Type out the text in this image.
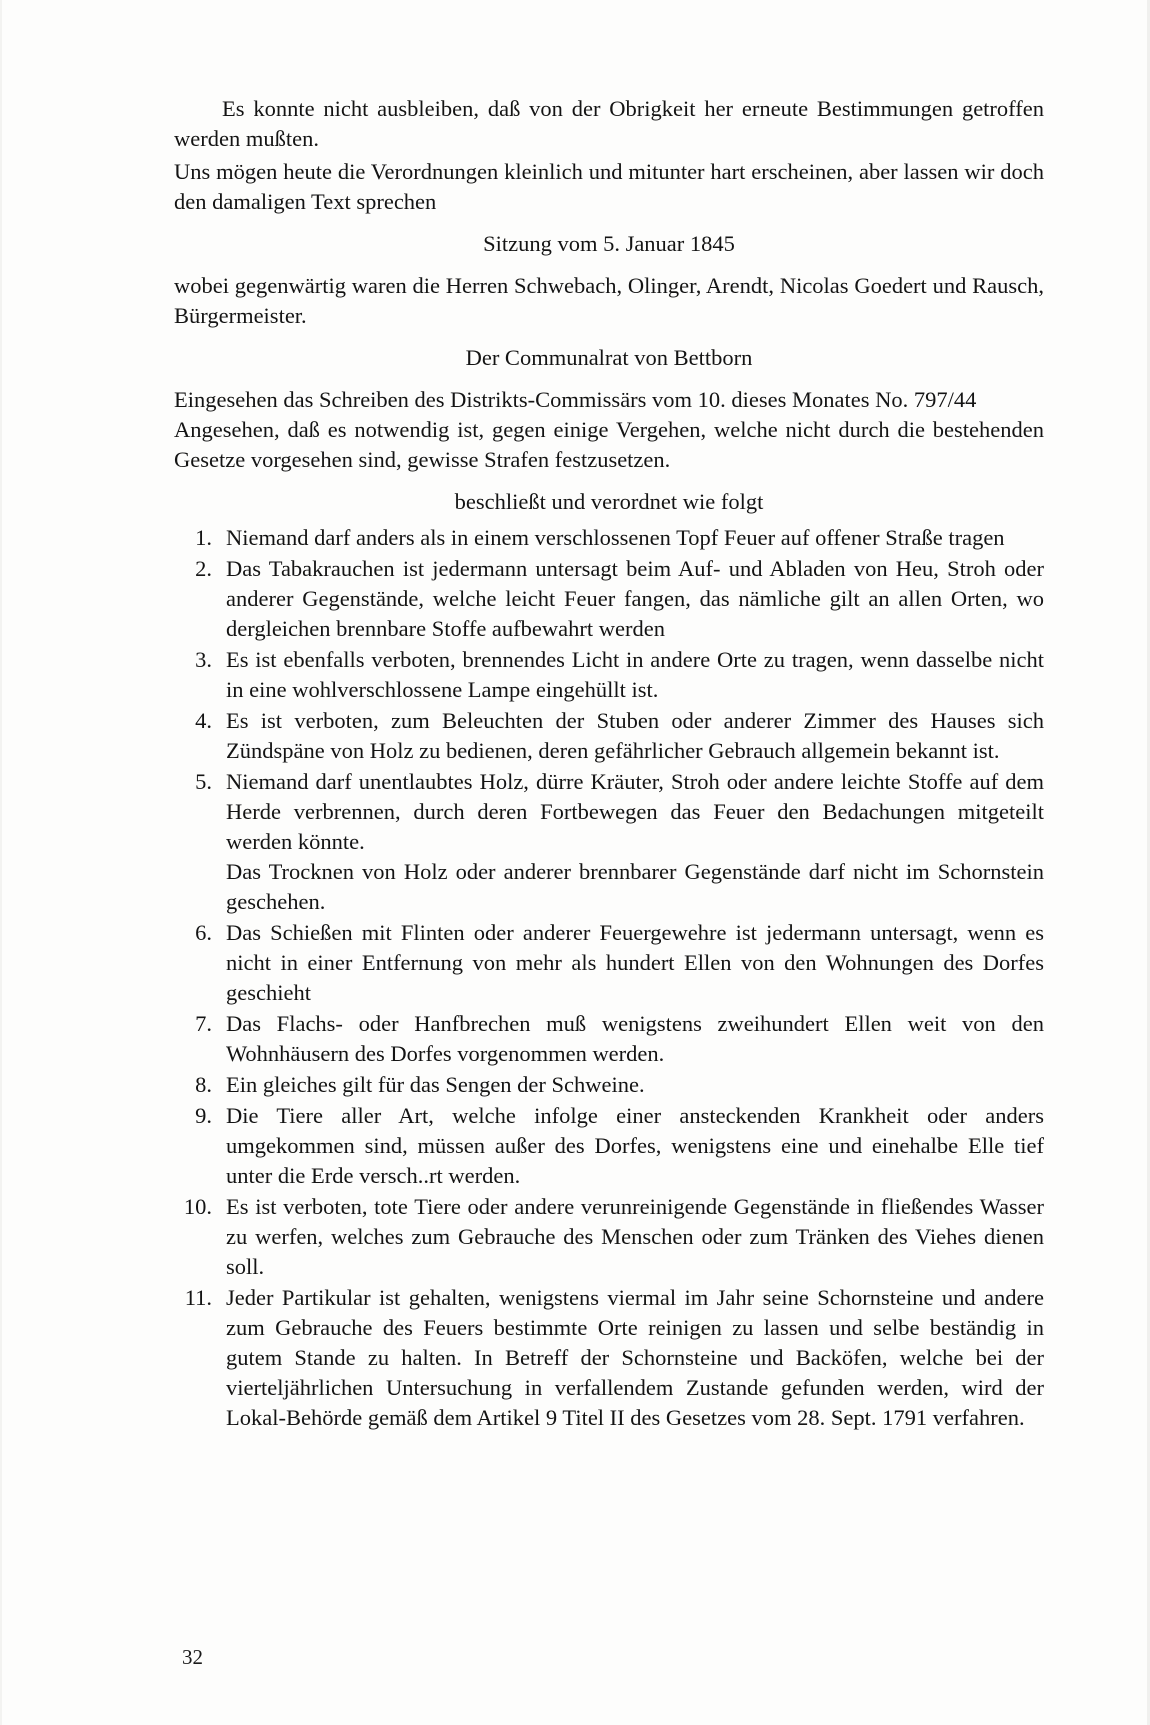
Es konnte nicht ausbleiben, daß von der Obrigkeit her erneute Bestimmungen getroffen werden mußten.

Uns mögen heute die Verordnungen kleinlich und mitunter hart erscheinen, aber lassen wir doch den damaligen Text sprechen

Sitzung vom 5. Januar 1845

wobei gegenwärtig waren die Herren Schwebach, Olinger, Arendt, Nicolas Goedert und Rausch, Bürgermeister.

Der Communalrat von Bettborn

Eingesehen das Schreiben des Distrikts-Commissärs vom 10. dieses Monates No. 797/44

Angesehen, daß es notwendig ist, gegen einige Vergehen, welche nicht durch die bestehenden Gesetze vorgesehen sind, gewisse Strafen festzusetzen.

beschließt und verordnet wie folgt

1. Niemand darf anders als in einem verschlossenen Topf Feuer auf offener Straße tragen
2. Das Tabakrauchen ist jedermann untersagt beim Auf- und Abladen von Heu, Stroh oder anderer Gegenstände, welche leicht Feuer fangen, das nämliche gilt an allen Orten, wo dergleichen brennbare Stoffe aufbewahrt werden
3. Es ist ebenfalls verboten, brennendes Licht in andere Orte zu tragen, wenn dasselbe nicht in eine wohlverschlossene Lampe eingehüllt ist.
4. Es ist verboten, zum Beleuchten der Stuben oder anderer Zimmer des Hauses sich Zündspäne von Holz zu bedienen, deren gefährlicher Gebrauch allgemein bekannt ist.
5. Niemand darf unentlaubtes Holz, dürre Kräuter, Stroh oder andere leichte Stoffe auf dem Herde verbrennen, durch deren Fortbewegen das Feuer den Bedachungen mitgeteilt werden könnte.
Das Trocknen von Holz oder anderer brennbarer Gegenstände darf nicht im Schornstein geschehen.
6. Das Schießen mit Flinten oder anderer Feuergewehre ist jedermann untersagt, wenn es nicht in einer Entfernung von mehr als hundert Ellen von den Wohnungen des Dorfes geschieht
7. Das Flachs- oder Hanfbrechen muß wenigstens zweihundert Ellen weit von den Wohnhäusern des Dorfes vorgenommen werden.
8. Ein gleiches gilt für das Sengen der Schweine.
9. Die Tiere aller Art, welche infolge einer ansteckenden Krankheit oder anders umgekommen sind, müssen außer des Dorfes, wenigstens eine und einehalbe Elle tief unter die Erde versch..rt werden.
10. Es ist verboten, tote Tiere oder andere verunreinigende Gegenstände in fließendes Wasser zu werfen, welches zum Gebrauche des Menschen oder zum Tränken des Viehes dienen soll.
11. Jeder Partikular ist gehalten, wenigstens viermal im Jahr seine Schornsteine und andere zum Gebrauche des Feuers bestimmte Orte reinigen zu lassen und selbe beständig in gutem Stande zu halten. In Betreff der Schornsteine und Backöfen, welche bei der vierteljährlichen Untersuchung in verfallendem Zustande gefunden werden, wird der Lokal-Behörde gemäß dem Artikel 9 Titel II des Gesetzes vom 28. Sept. 1791 verfahren.
32
